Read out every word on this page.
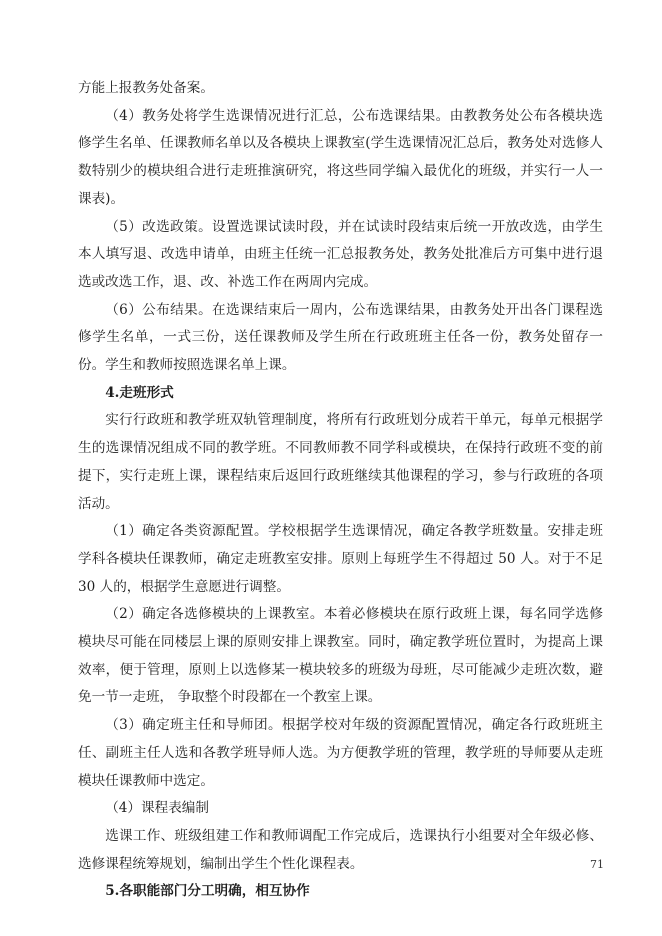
方能上报教务处备案。

（4）教务处将学生选课情况进行汇总，公布选课结果。由教教务处公布各模块选修学生名单、任课教师名单以及各模块上课教室(学生选课情况汇总后，教务处对选修人数特别少的模块组合进行走班推演研究，将这些同学编入最优化的班级，并实行一人一课表)。

（5）改选政策。设置选课试读时段，并在试读时段结束后统一开放改选，由学生本人填写退、改选申请单，由班主任统一汇总报教务处，教务处批准后方可集中进行退选或改选工作，退、改、补选工作在两周内完成。

（6）公布结果。在选课结束后一周内，公布选课结果，由教务处开出各门课程选修学生名单，一式三份，送任课教师及学生所在行政班班主任各一份，教务处留存一份。学生和教师按照选课名单上课。

4.走班形式

实行行政班和教学班双轨管理制度，将所有行政班划分成若干单元，每单元根据学生的选课情况组成不同的教学班。不同教师教不同学科或模块，在保持行政班不变的前提下，实行走班上课，课程结束后返回行政班继续其他课程的学习，参与行政班的各项活动。

（1）确定各类资源配置。学校根据学生选课情况，确定各教学班数量。安排走班学科各模块任课教师，确定走班教室安排。原则上每班学生不得超过 50 人。对于不足 30 人的，根据学生意愿进行调整。

（2）确定各选修模块的上课教室。本着必修模块在原行政班上课，每名同学选修模块尽可能在同楼层上课的原则安排上课教室。同时，确定教学班位置时，为提高上课效率，便于管理，原则上以选修某一模块较多的班级为母班，尽可能减少走班次数，避免一节一走班， 争取整个时段都在一个教室上课。

（3）确定班主任和导师团。根据学校对年级的资源配置情况，确定各行政班班主任、副班主任人选和各教学班导师人选。为方便教学班的管理，教学班的导师要从走班模块任课教师中选定。

（4）课程表编制

选课工作、班级组建工作和教师调配工作完成后，选课执行小组要对全年级必修、选修课程统筹规划，编制出学生个性化课程表。

5.各职能部门分工明确，相互协作

71
